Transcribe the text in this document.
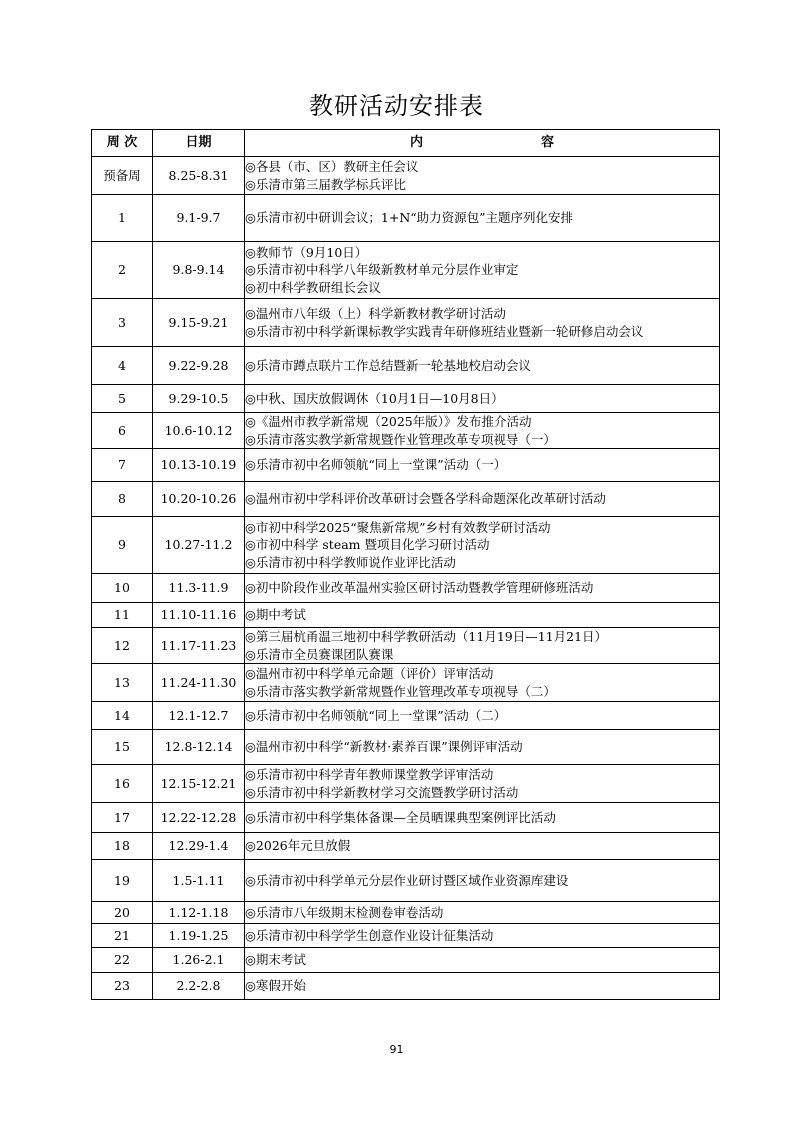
教研活动安排表
周 次	日期	内 容
预备周	8.25-8.31	◎各县（市、区）教研主任会议
◎乐清市第三届教学标兵评比

1	9.1-9.7	◎乐清市初中研训会议；1+N“助力资源包”主题序列化安排

2	9.8-9.14	◎教师节（9月10日）
◎乐清市初中科学八年级新教材单元分层作业审定
◎初中科学教研组长会议

3	9.15-9.21	◎温州市八年级（上）科学新教材教学研讨活动
◎乐清市初中科学新课标教学实践青年研修班结业暨新一轮研修启动会议

4	9.22-9.28	◎乐清市蹲点联片工作总结暨新一轮基地校启动会议

5	9.29-10.5	◎中秋、国庆放假调休（10月1日—10月8日）

6	10.6-10.12	◎《温州市教学新常规（2025年版）》发布推介活动
◎乐清市落实教学新常规暨作业管理改革专项视导（一）

7	10.13-10.19	◎乐清市初中名师领航“同上一堂课”活动（一）

8	10.20-10.26	◎温州市初中学科评价改革研讨会暨各学科命题深化改革研讨活动

9	10.27-11.2	◎市初中科学2025“聚焦新常规”乡村有效教学研讨活动
◎市初中科学 steam 暨项目化学习研讨活动
◎乐清市初中科学教师说作业评比活动

10	11.3-11.9	◎初中阶段作业改革温州实验区研讨活动暨教学管理研修班活动

11	11.10-11.16	◎期中考试

12	11.17-11.23	◎第三届杭甬温三地初中科学教研活动（11月19日—11月21日）
◎乐清市全员赛课团队赛课

13	11.24-11.30	◎温州市初中科学单元命题（评价）评审活动
◎乐清市落实教学新常规暨作业管理改革专项视导（二）

14	12.1-12.7	◎乐清市初中名师领航“同上一堂课”活动（二）

15	12.8-12.14	◎温州市初中科学“新教材·素养百课”课例评审活动

16	12.15-12.21	◎乐清市初中科学青年教师课堂教学评审活动
◎乐清市初中科学新教材学习交流暨教学研讨活动

17	12.22-12.28	◎乐清市初中科学集体备课—全员晒课典型案例评比活动

18	12.29-1.4	◎2026年元旦放假

19	1.5-1.11	◎乐清市初中科学单元分层作业研讨暨区域作业资源库建设

20	1.12-1.18	◎乐清市八年级期末检测卷审卷活动

21	1.19-1.25	◎乐清市初中科学学生创意作业设计征集活动

22	1.26-2.1	◎期末考试

23	2.2-2.8	◎寒假开始
91
